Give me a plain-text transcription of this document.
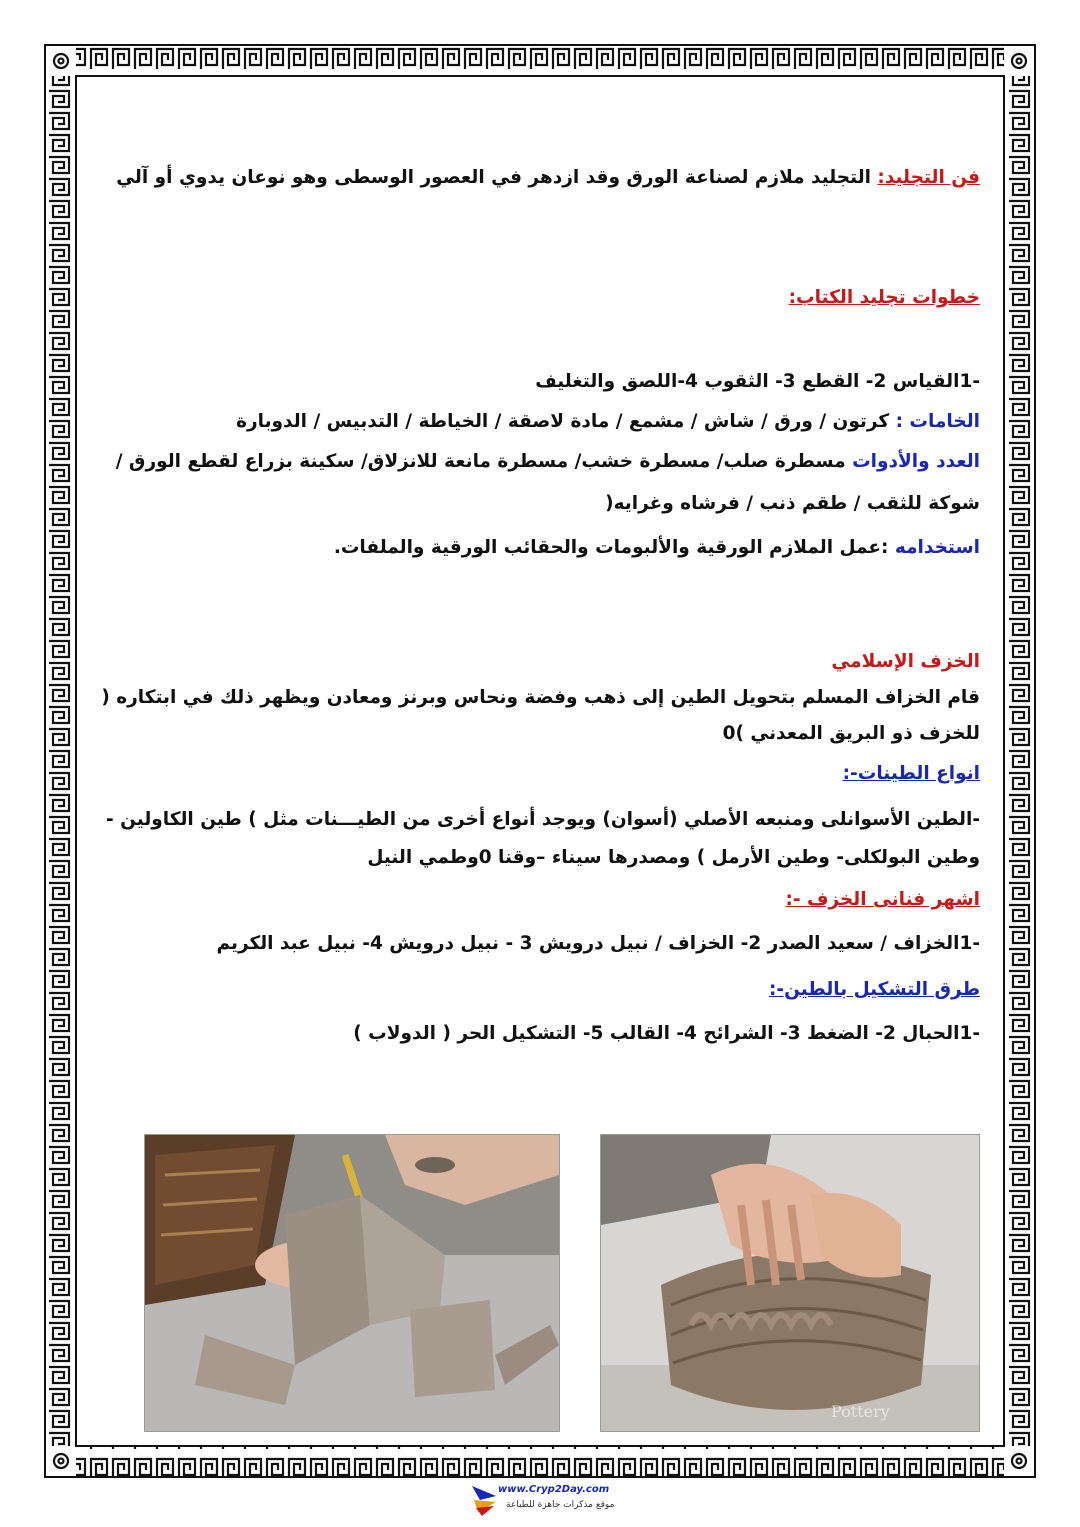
فن التجليد: التجليد ملازم لصناعة الورق وقد ازدهر في العصور الوسطى وهو نوعان يدوي أو آلي
خطوات تجليد الكتاب:
-1القياس 2- القطع 3- الثقوب 4-اللصق والتغليف
الخامات : كرتون / ورق / شاش / مشمع / مادة لاصقة / الخياطة / التدبيس / الدوبارة
العدد والأدوات مسطرة صلب/ مسطرة خشب/ مسطرة مانعة للانزلاق/ سكينة بزراع لقطع الورق /
شوكة للثقب / طقم ذنب / فرشاه وغرايه(
استخدامه :عمل الملازم الورقية والألبومات والحقائب الورقية والملفات.
الخزف الإسلامي
قام الخزاف المسلم بتحويل الطين إلى ذهب وفضة ونحاس وبرنز ومعادن ويظهر ذلك في ابتكاره (
للخزف ذو البريق المعدني )0
انواع الطينات-:
-الطين الأسوانلى ومنبعه الأصلي (أسوان) ويوجد أنواع أخرى من الطيـــنات مثل ) طين الكاولين -
وطين البولكلى- وطين الأرمل ) ومصدرها سيناء –وقنا 0وطمي النيل
اشهر فنانى الخزف -:
-1الخزاف / سعيد الصدر 2- الخزاف / نبيل درويش 3 - نبيل درويش 4- نبيل عبد الكريم
طرق التشكيل بالطين-:
-1الحبال 2- الضغط 3- الشرائح 4- القالب 5- التشكيل الحر ( الدولاب )
Pottery
www.Cryp2Day.com
موقع مذكرات جاهزة للطباعة
